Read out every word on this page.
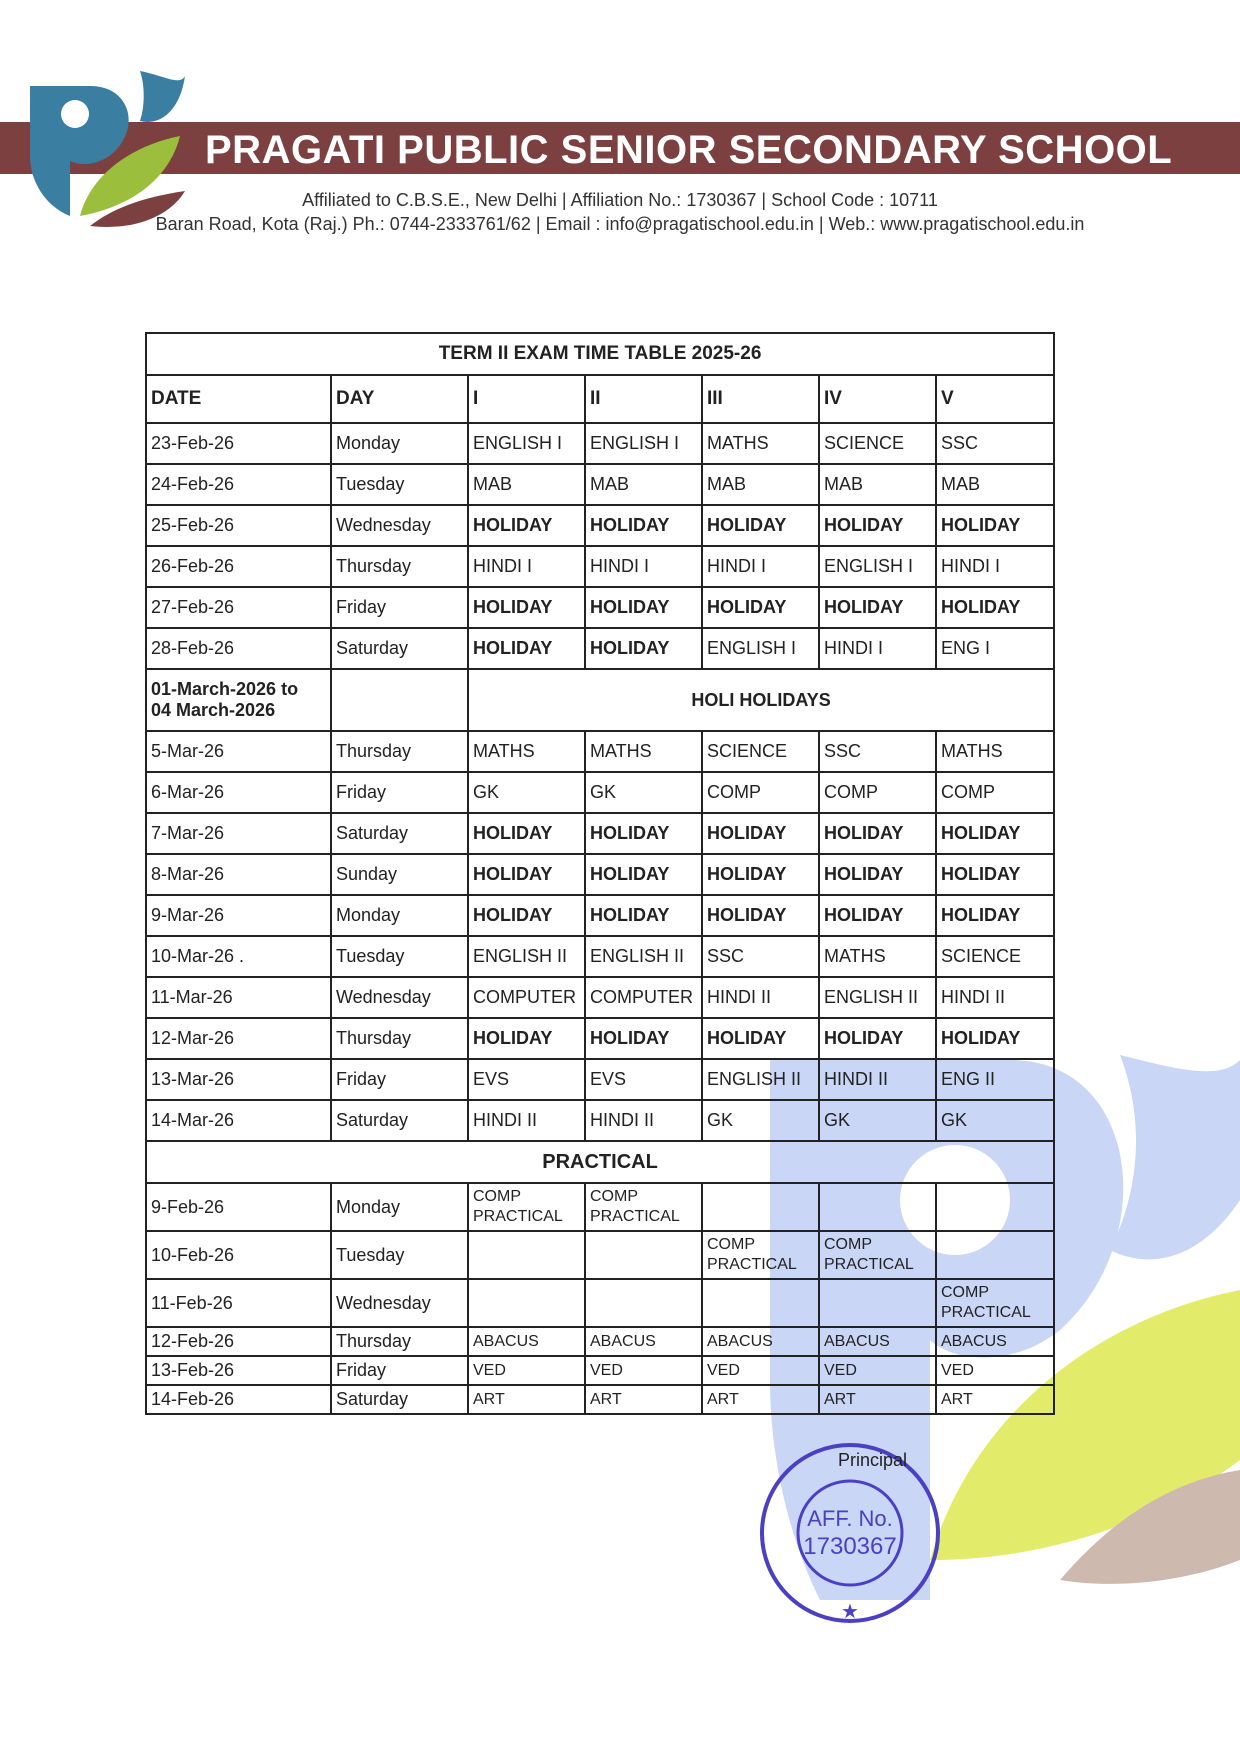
PRAGATI PUBLIC SENIOR SECONDARY SCHOOL
Affiliated to C.B.S.E., New Delhi | Affiliation No.: 1730367 | School Code : 10711
Baran Road, Kota (Raj.) Ph.: 0744-2333761/62 | Email : info@pragatischool.edu.in | Web.: www.pragatischool.edu.in
TERM II EXAM TIME TABLE 2025-26						
DATE	DAY	I	II	III	IV	V
23-Feb-26	Monday	ENGLISH I	ENGLISH I	MATHS	SCIENCE	SSC
24-Feb-26	Tuesday	MAB	MAB	MAB	MAB	MAB
25-Feb-26	Wednesday	HOLIDAY	HOLIDAY	HOLIDAY	HOLIDAY	HOLIDAY
26-Feb-26	Thursday	HINDI I	HINDI I	HINDI I	ENGLISH I	HINDI I
27-Feb-26	Friday	HOLIDAY	HOLIDAY	HOLIDAY	HOLIDAY	HOLIDAY
28-Feb-26	Saturday	HOLIDAY	HOLIDAY	ENGLISH I	HINDI I	ENG I

01-March-2026 to
04 March-2026		HOLI HOLIDAYS				
5-Mar-26	Thursday	MATHS	MATHS	SCIENCE	SSC	MATHS
6-Mar-26	Friday	GK	GK	COMP	COMP	COMP
7-Mar-26	Saturday	HOLIDAY	HOLIDAY	HOLIDAY	HOLIDAY	HOLIDAY
8-Mar-26	Sunday	HOLIDAY	HOLIDAY	HOLIDAY	HOLIDAY	HOLIDAY
9-Mar-26	Monday	HOLIDAY	HOLIDAY	HOLIDAY	HOLIDAY	HOLIDAY
10-Mar-26 .	Tuesday	ENGLISH II	ENGLISH II	SSC	MATHS	SCIENCE
11-Mar-26	Wednesday	COMPUTER	COMPUTER	HINDI II	ENGLISH II	HINDI II
12-Mar-26	Thursday	HOLIDAY	HOLIDAY	HOLIDAY	HOLIDAY	HOLIDAY
13-Mar-26	Friday	EVS	EVS	ENGLISH II	HINDI II	ENG II
14-Mar-26	Saturday	HINDI II	HINDI II	GK	GK	GK
PRACTICAL						
9-Feb-26	Monday	COMP PRACTICAL	COMP PRACTICAL			
10-Feb-26	Tuesday			COMP PRACTICAL	COMP PRACTICAL	
11-Feb-26	Wednesday					COMP PRACTICAL
12-Feb-26	Thursday	ABACUS	ABACUS	ABACUS	ABACUS	ABACUS
13-Feb-26	Friday	VED	VED	VED	VED	VED
14-Feb-26	Saturday	ART	ART	ART	ART	ART
AFF. No.
1730367
★
Principal
